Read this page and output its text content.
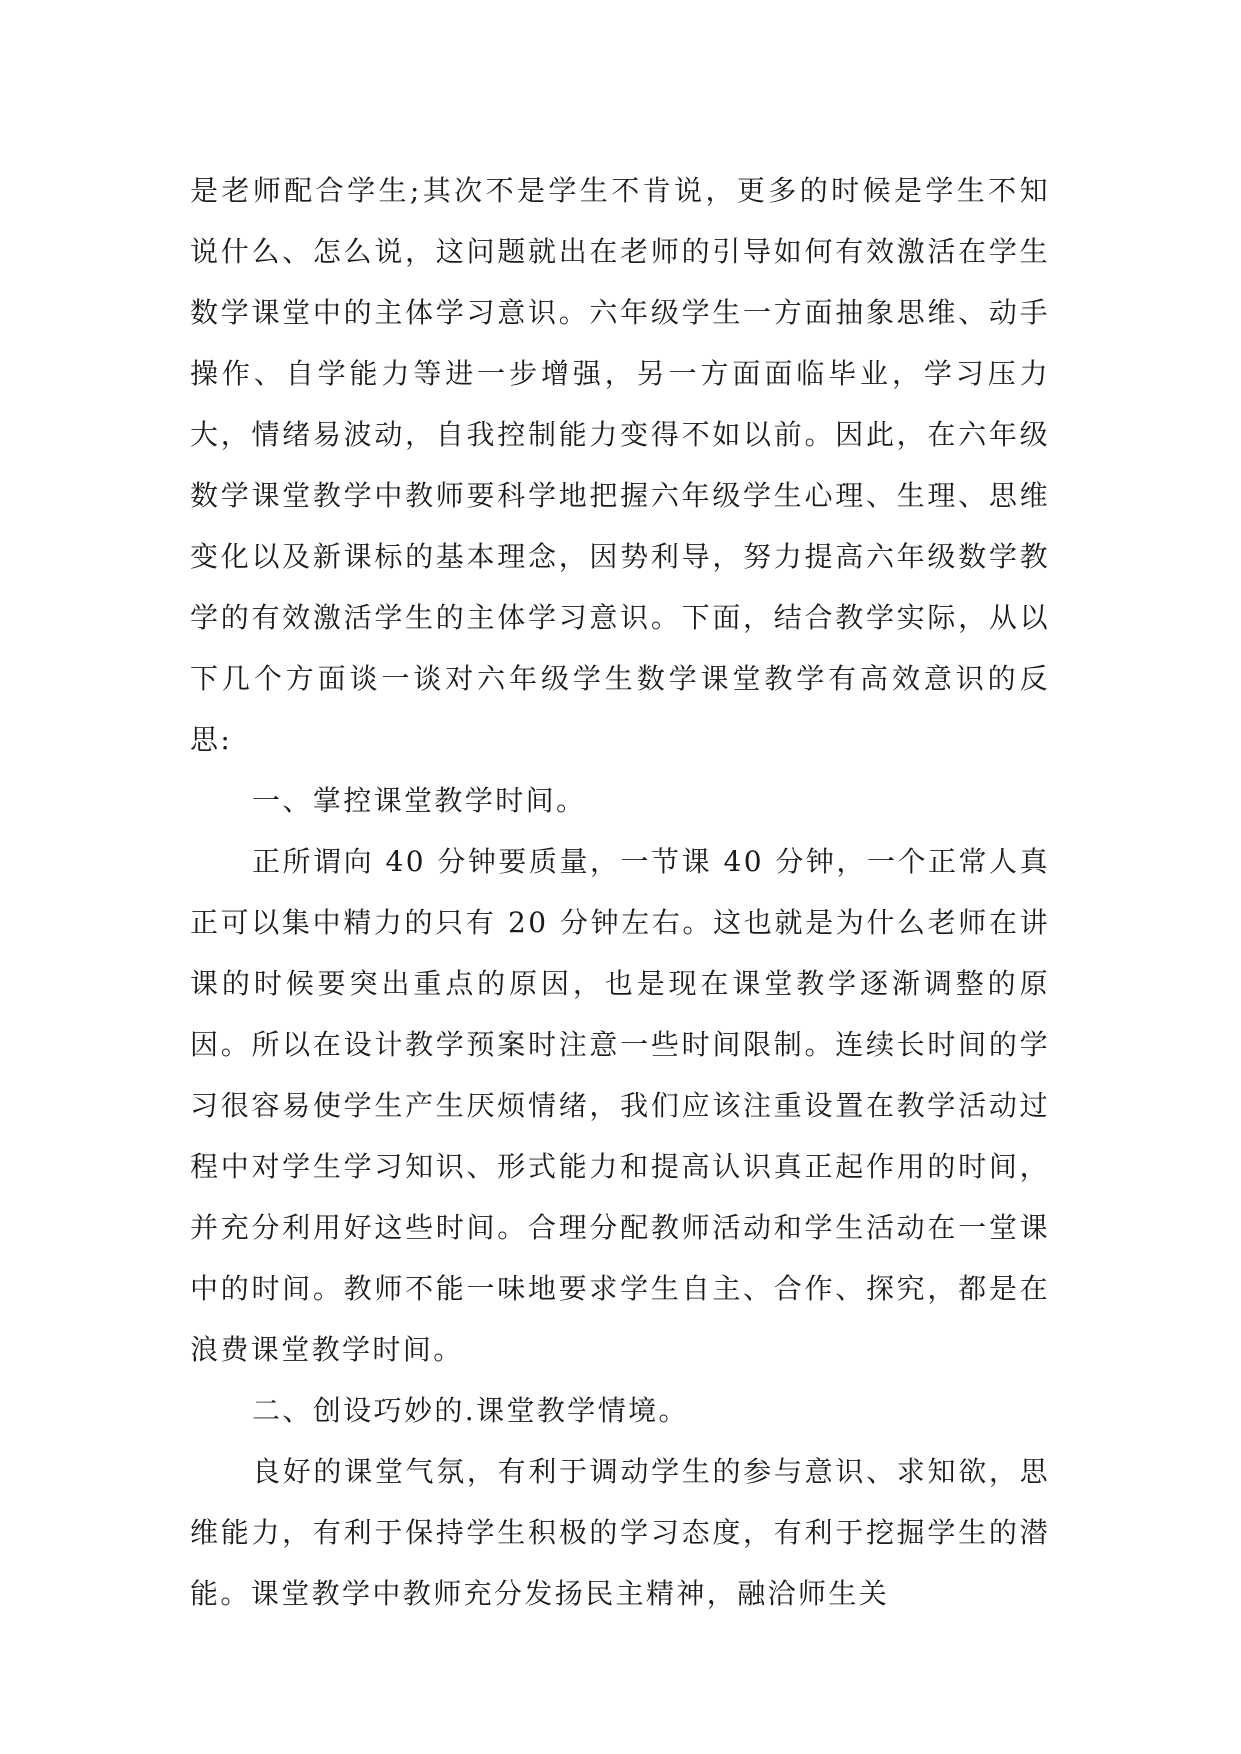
是老师配合学生;其次不是学生不肯说，更多的时候是学生不知说什么、怎么说，这问题就出在老师的引导如何有效激活在学生数学课堂中的主体学习意识。六年级学生一方面抽象思维、动手操作、自学能力等进一步增强，另一方面面临毕业，学习压力大，情绪易波动，自我控制能力变得不如以前。因此，在六年级数学课堂教学中教师要科学地把握六年级学生心理、生理、思维变化以及新课标的基本理念，因势利导，努力提高六年级数学教学的有效激活学生的主体学习意识。下面，结合教学实际，从以下几个方面谈一谈对六年级学生数学课堂教学有高效意识的反思:

一、掌控课堂教学时间。

正所谓向 40 分钟要质量，一节课 40 分钟，一个正常人真正可以集中精力的只有 20 分钟左右。这也就是为什么老师在讲课的时候要突出重点的原因，也是现在课堂教学逐渐调整的原因。所以在设计教学预案时注意一些时间限制。连续长时间的学习很容易使学生产生厌烦情绪，我们应该注重设置在教学活动过程中对学生学习知识、形式能力和提高认识真正起作用的时间，并充分利用好这些时间。合理分配教师活动和学生活动在一堂课中的时间。教师不能一味地要求学生自主、合作、探究，都是在浪费课堂教学时间。

二、创设巧妙的.课堂教学情境。

良好的课堂气氛，有利于调动学生的参与意识、求知欲，思维能力，有利于保持学生积极的学习态度，有利于挖掘学生的潜能。课堂教学中教师充分发扬民主精神，融洽师生关
